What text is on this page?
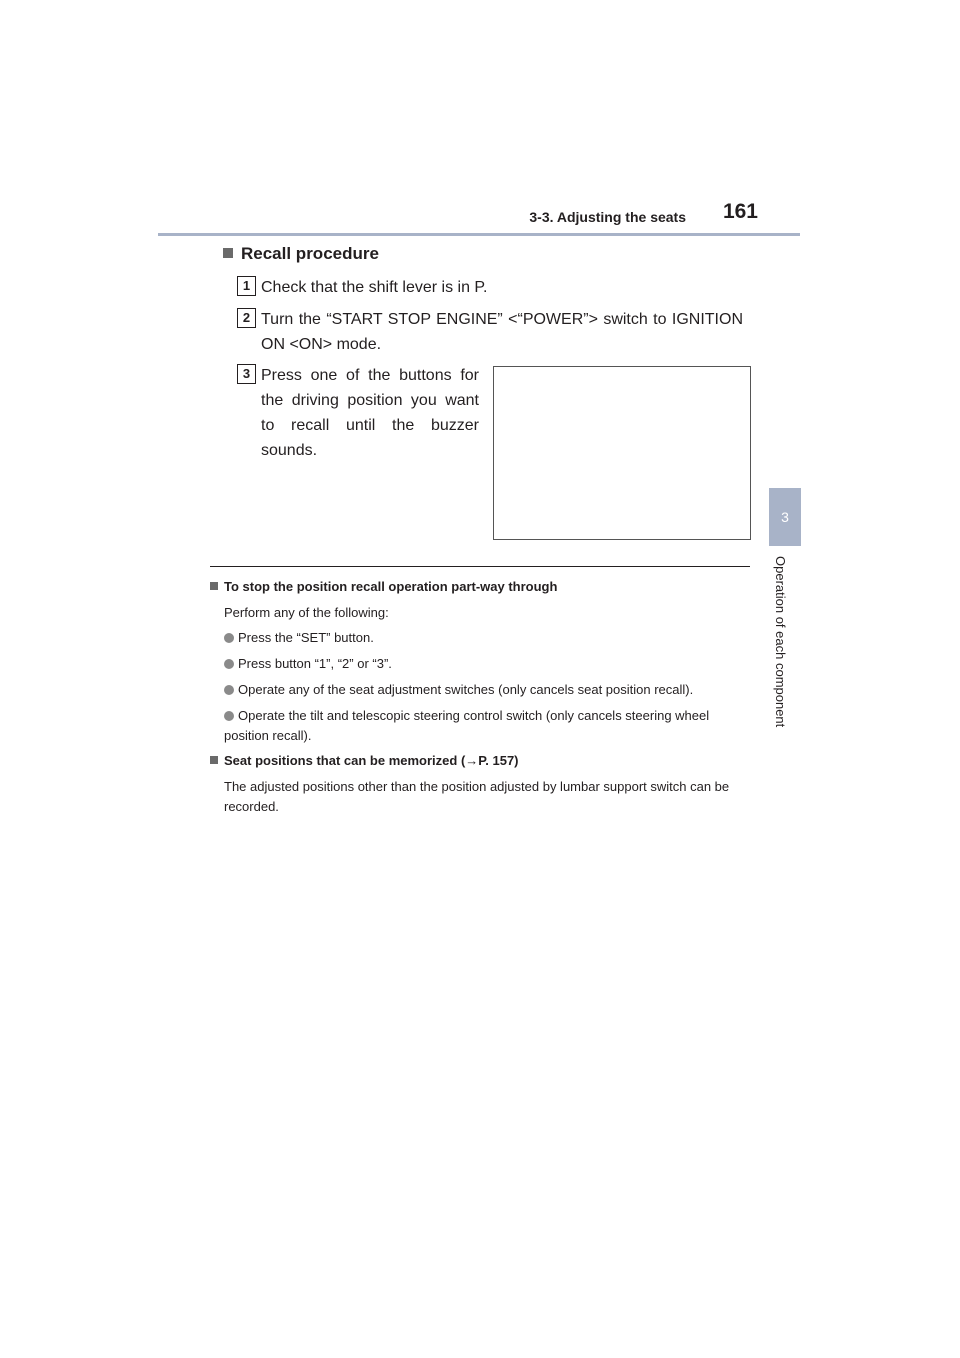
3-3. Adjusting the seats 161
3
Operation of each component
Recall procedure
1 Check that the shift lever is in P.
2 Turn the “START STOP ENGINE” <“POWER”> switch to IGNITION ON <ON> mode.
3 Press one of the buttons for the driving position you want to recall until the buzzer sounds.
To stop the position recall operation part-way through
Perform any of the following:
Press the “SET” button.
Press button “1”, “2” or “3”.
Operate any of the seat adjustment switches (only cancels seat position recall).
Operate the tilt and telescopic steering control switch (only cancels steering wheel position recall).
Seat positions that can be memorized (→P. 157)
The adjusted positions other than the position adjusted by lumbar support switch can be recorded.
